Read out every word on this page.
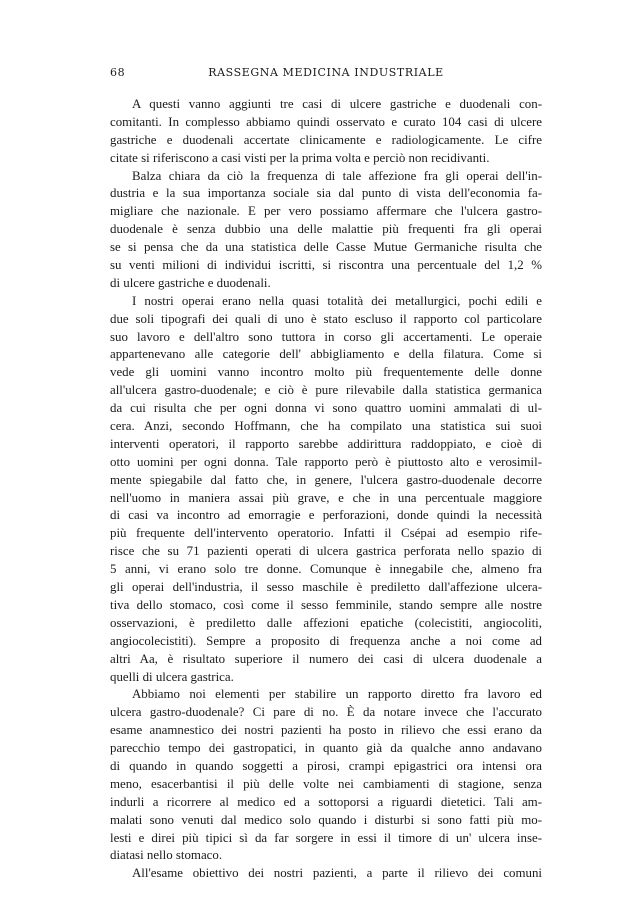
68	RASSEGNA MEDICINA INDUSTRIALE
A questi vanno aggiunti tre casi di ulcere gastriche e duodenali con-
comitanti. In complesso abbiamo quindi osservato e curato 104 casi di ulcere
gastriche e duodenali accertate clinicamente e radiologicamente. Le cifre
citate si riferiscono a casi visti per la prima volta e perciò non recidivanti.
Balza chiara da ciò la frequenza di tale affezione fra gli operai dell'in-
dustria e la sua importanza sociale sia dal punto di vista dell'economia fa-
migliare che nazionale. E per vero possiamo affermare che l'ulcera gastro-
duodenale è senza dubbio una delle malattie più frequenti fra gli operai
se si pensa che da una statistica delle Casse Mutue Germaniche risulta che
su venti milioni di individui iscritti, si riscontra una percentuale del 1,2 %
di ulcere gastriche e duodenali.
I nostri operai erano nella quasi totalità dei metallurgici, pochi edili e
due soli tipografi dei quali di uno è stato escluso il rapporto col particolare
suo lavoro e dell'altro sono tuttora in corso gli accertamenti. Le operaie
appartenevano alle categorie dell' abbigliamento e della filatura. Come si
vede gli uomini vanno incontro molto più frequentemente delle donne
all'ulcera gastro-duodenale; e ciò è pure rilevabile dalla statistica germanica
da cui risulta che per ogni donna vi sono quattro uomini ammalati di ul-
cera. Anzi, secondo Hoffmann, che ha compilato una statistica sui suoi
interventi operatori, il rapporto sarebbe addirittura raddoppiato, e cioè di
otto uomini per ogni donna. Tale rapporto però è piuttosto alto e verosimil-
mente spiegabile dal fatto che, in genere, l'ulcera gastro-duodenale decorre
nell'uomo in maniera assai più grave, e che in una percentuale maggiore
di casi va incontro ad emorragie e perforazioni, donde quindi la necessità
più frequente dell'intervento operatorio. Infatti il Csépai ad esempio rife-
risce che su 71 pazienti operati di ulcera gastrica perforata nello spazio di
5 anni, vi erano solo tre donne. Comunque è innegabile che, almeno fra
gli operai dell'industria, il sesso maschile è prediletto dall'affezione ulcera-
tiva dello stomaco, così come il sesso femminile, stando sempre alle nostre
osservazioni, è prediletto dalle affezioni epatiche (colecistiti, angiocoliti,
angiocolecistiti). Sempre a proposito di frequenza anche a noi come ad
altri Aa, è risultato superiore il numero dei casi di ulcera duodenale a
quelli di ulcera gastrica.
Abbiamo noi elementi per stabilire un rapporto diretto fra lavoro ed
ulcera gastro-duodenale? Ci pare di no. È da notare invece che l'accurato
esame anamnestico dei nostri pazienti ha posto in rilievo che essi erano da
parecchio tempo dei gastropatici, in quanto già da qualche anno andavano
di quando in quando soggetti a pirosi, crampi epigastrici ora intensi ora
meno, esacerbantisi il più delle volte nei cambiamenti di stagione, senza
indurli a ricorrere al medico ed a sottoporsi a riguardi dietetici. Tali am-
malati sono venuti dal medico solo quando i disturbi si sono fatti più mo-
lesti e direi più tipici sì da far sorgere in essi il timore di un' ulcera inse-
diatasi nello stomaco.
All'esame obiettivo dei nostri pazienti, a parte il rilievo dei comuni
